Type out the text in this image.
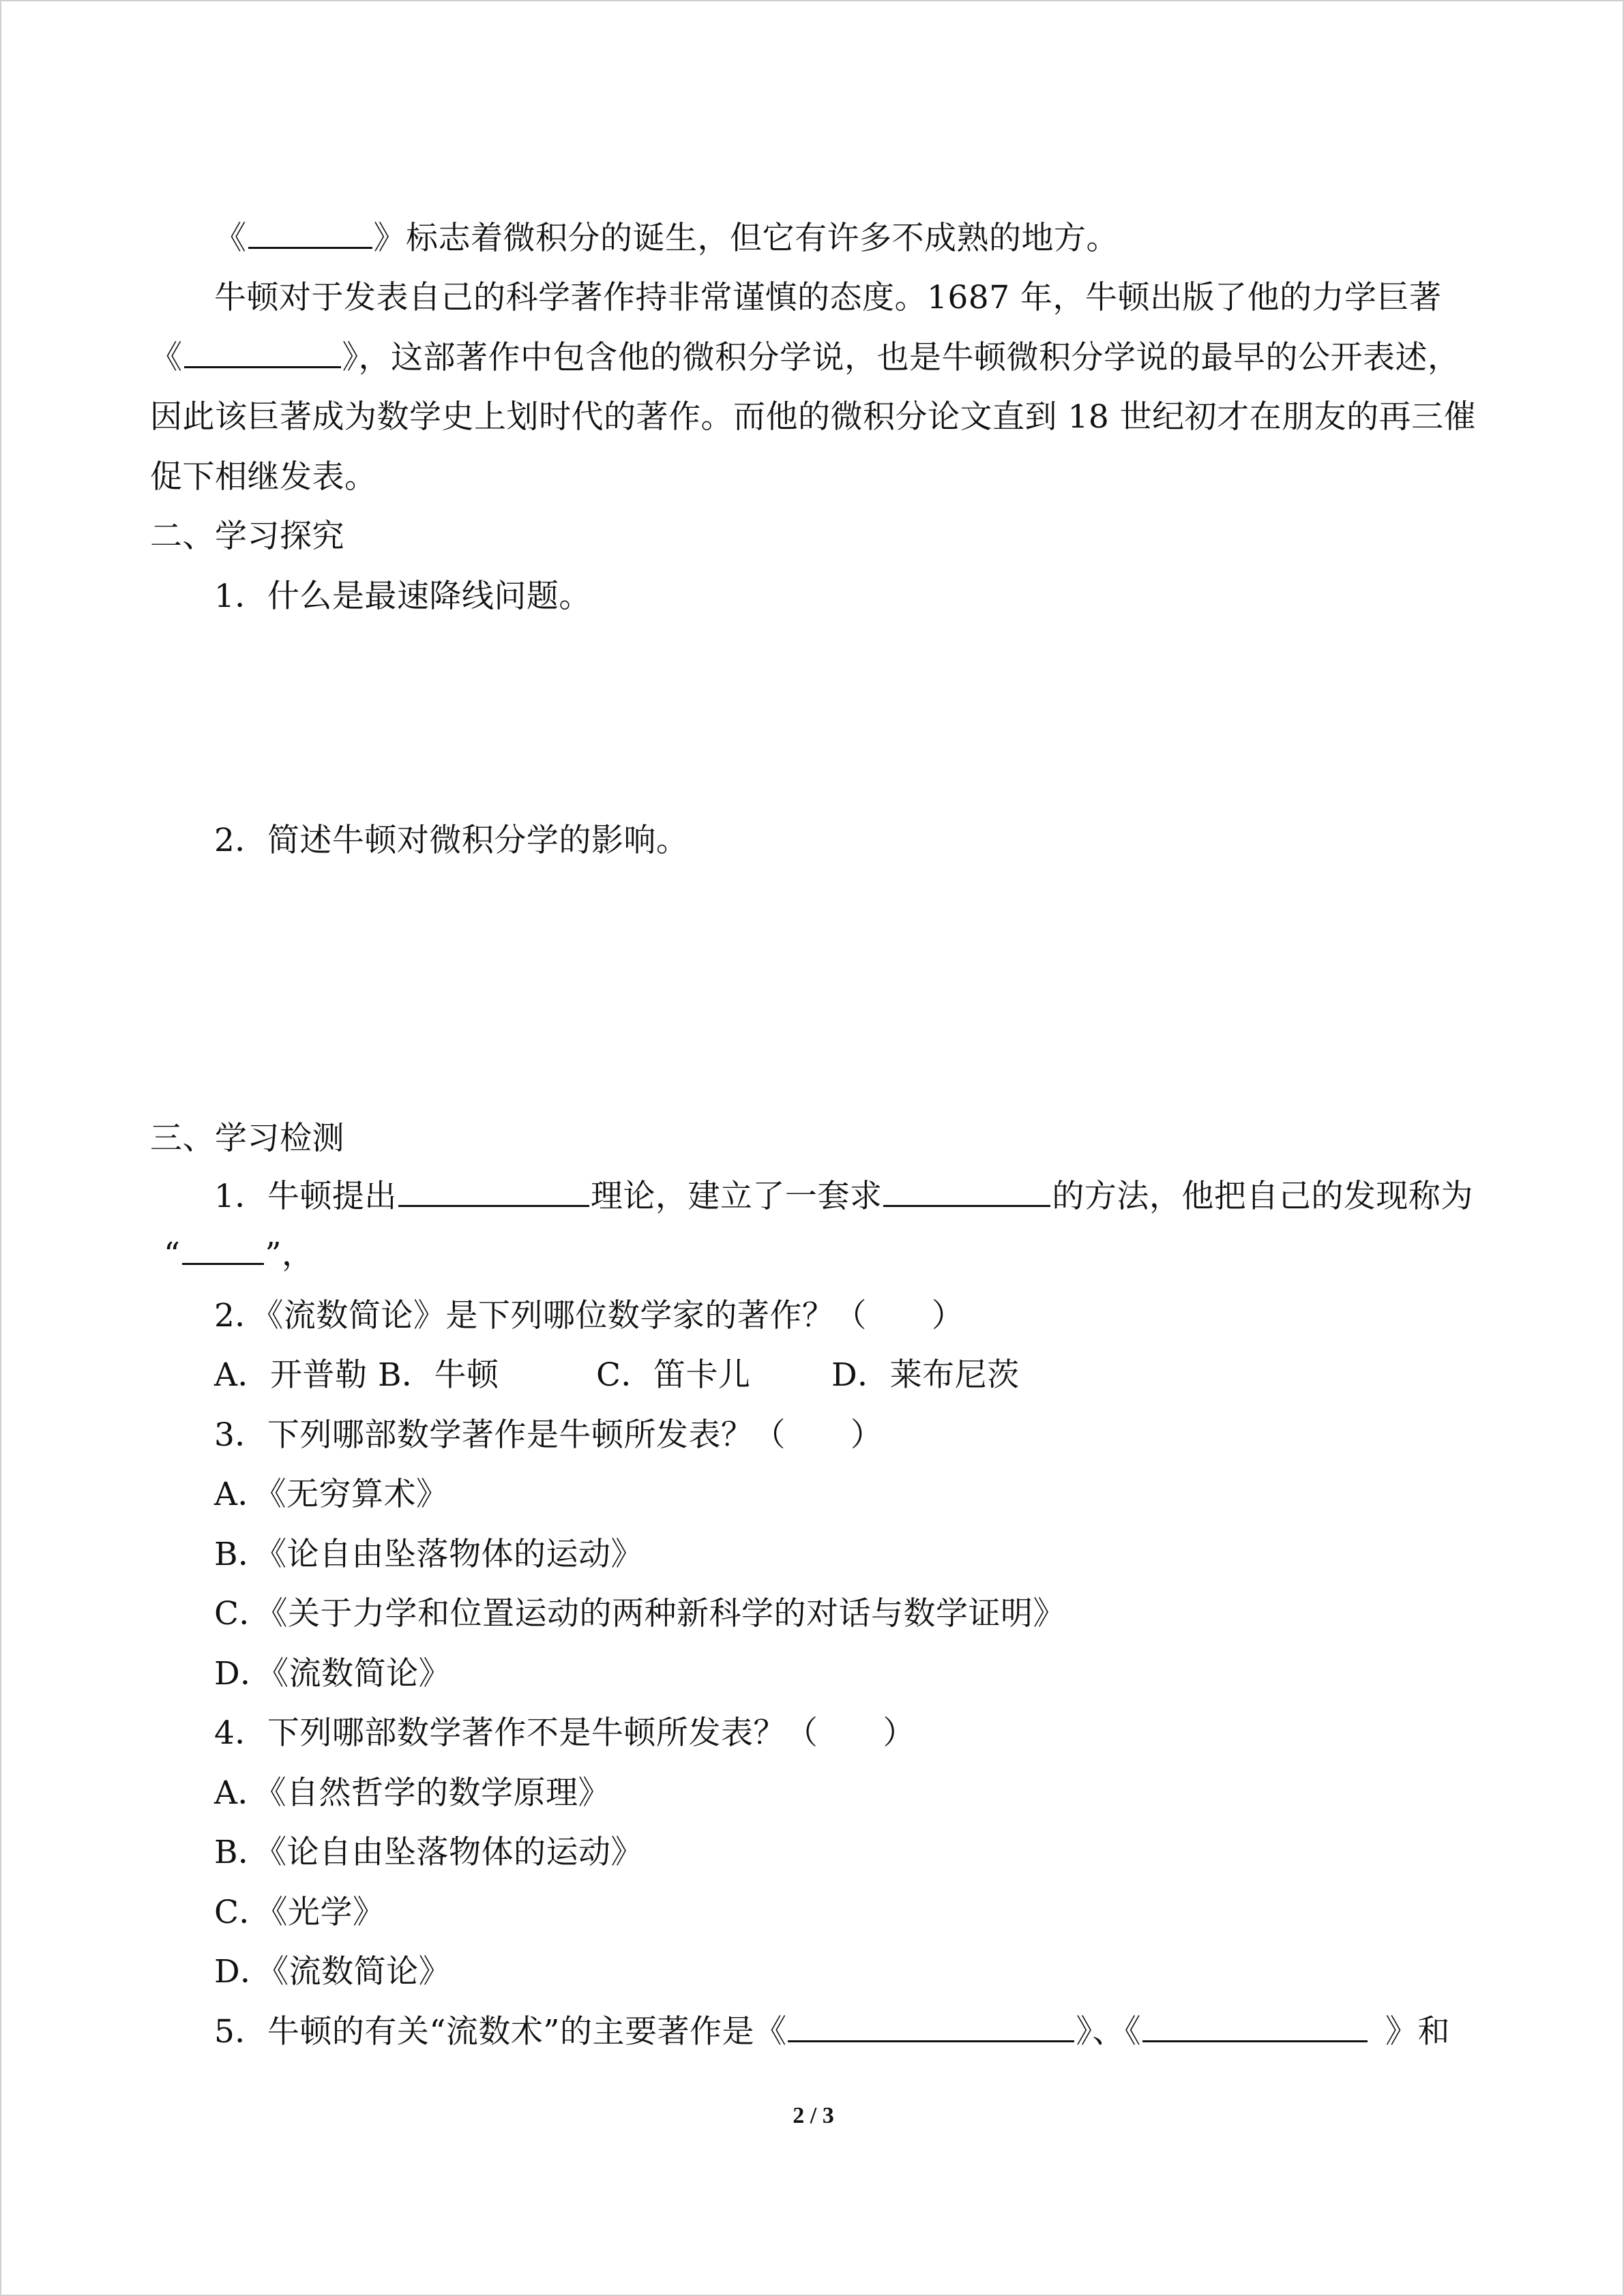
《	》标志着微积分的诞生，但它有许多不成熟的地方。
牛顿对于发表自己的科学著作持非常谨慎的态度。1687 年，牛顿出版了他的力学巨著
《	》，这部著作中包含他的微积分学说，也是牛顿微积分学说的最早的公开表述，
因此该巨著成为数学史上划时代的著作。而他的微积分论文直到 18 世纪初才在朋友的再三催
促下相继发表。
二、学习探究
1．什么是最速降线问题。
2．简述牛顿对微积分学的影响。
三、学习检测
1．牛顿提出	理论，建立了一套求	的方法，他把自己的发现称为
“	”，
2．《流数简论》是下列哪位数学家的著作？（　　）
A．开普勒 B．牛顿	C．笛卡儿	D．莱布尼茨
3．下列哪部数学著作是牛顿所发表？（　　）
A．《无穷算术》
B．《论自由坠落物体的运动》
C．《关于力学和位置运动的两种新科学的对话与数学证明》
D．《流数简论》
4．下列哪部数学著作不是牛顿所发表？（　　）
A．《自然哲学的数学原理》
B．《论自由坠落物体的运动》
C．《光学》
D．《流数简论》
5．牛顿的有关“流数术”的主要著作是《	》、《	》和
2 / 3
